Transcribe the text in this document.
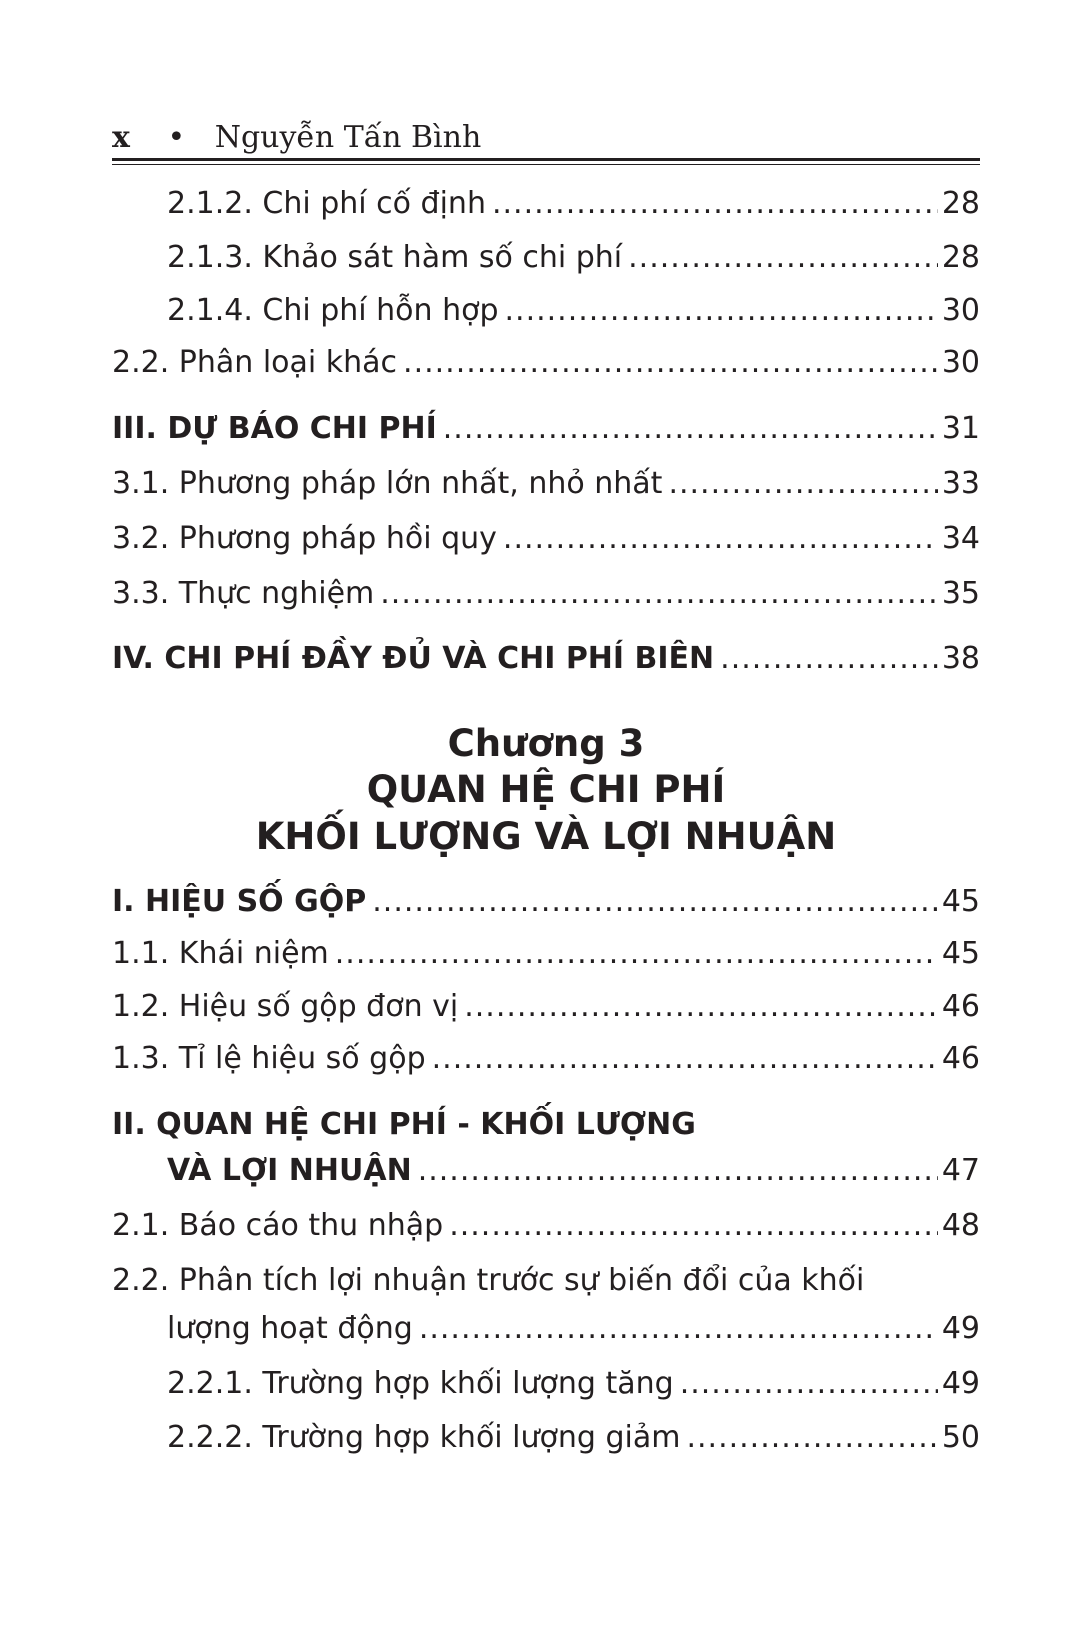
x • Nguyễn Tấn Bình
2.1.2. Chi phí cố định .....	28
2.1.3. Khảo sát hàm số chi phí .....	28
2.1.4. Chi phí hỗn hợp .....	30
2.2. Phân loại khác .....	30
III. DỰ BÁO CHI PHÍ .....	31
3.1. Phương pháp lớn nhất, nhỏ nhất .....	33
3.2. Phương pháp hồi quy .....	34
3.3. Thực nghiệm .....	35
IV. CHI PHÍ ĐẦY ĐỦ VÀ CHI PHÍ BIÊN .....	38
Chương 3
QUAN HỆ CHI PHÍ
KHỐI LƯỢNG VÀ LỢI NHUẬN
I. HIỆU SỐ GỘP .....	45
1.1. Khái niệm .....	45
1.2. Hiệu số gộp đơn vị .....	46
1.3. Tỉ lệ hiệu số gộp .....	46
II. QUAN HỆ CHI PHÍ - KHỐI LƯỢNG
VÀ LỢI NHUẬN .....	47
2.1. Báo cáo thu nhập .....	48
2.2. Phân tích lợi nhuận trước sự biến đổi của khối
lượng hoạt động .....	49
2.2.1. Trường hợp khối lượng tăng .....	49
2.2.2. Trường hợp khối lượng giảm .....	50
